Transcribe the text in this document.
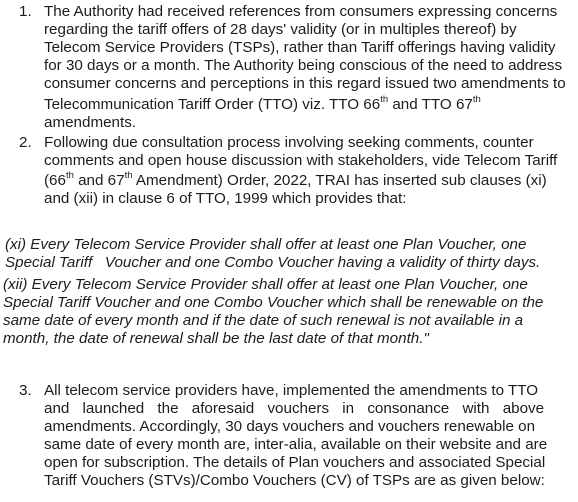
1. The Authority had received references from consumers expressing concerns
regarding the tariff offers of 28 days' validity (or in multiples thereof) by
Telecom Service Providers (TSPs), rather than Tariff offerings having validity
for 30 days or a month. The Authority being conscious of the need to address
consumer concerns and perceptions in this regard issued two amendments to
Telecommunication Tariff Order (TTO) viz. TTO 66th and TTO 67th
amendments.
2. Following due consultation process involving seeking comments, counter
comments and open house discussion with stakeholders, vide Telecom Tariff
(66th and 67th Amendment) Order, 2022, TRAI has inserted sub clauses (xi)
and (xii) in clause 6 of TTO, 1999 which provides that:
(xi) Every Telecom Service Provider shall offer at least one Plan Voucher, one
Special Tariff   Voucher and one Combo Voucher having a validity of thirty days.
(xii) Every Telecom Service Provider shall offer at least one Plan Voucher, one
Special Tariff Voucher and one Combo Voucher which shall be renewable on the
same date of every month and if the date of such renewal is not available in a
month, the date of renewal shall be the last date of that month."
3. All telecom service providers have, implemented the amendments to TTO
and launched the aforesaid vouchers in consonance with above
amendments. Accordingly, 30 days vouchers and vouchers renewable on
same date of every month are, inter-alia, available on their website and are
open for subscription. The details of Plan vouchers and associated Special
Tariff Vouchers (STVs)/Combo Vouchers (CV) of TSPs are as given below:
